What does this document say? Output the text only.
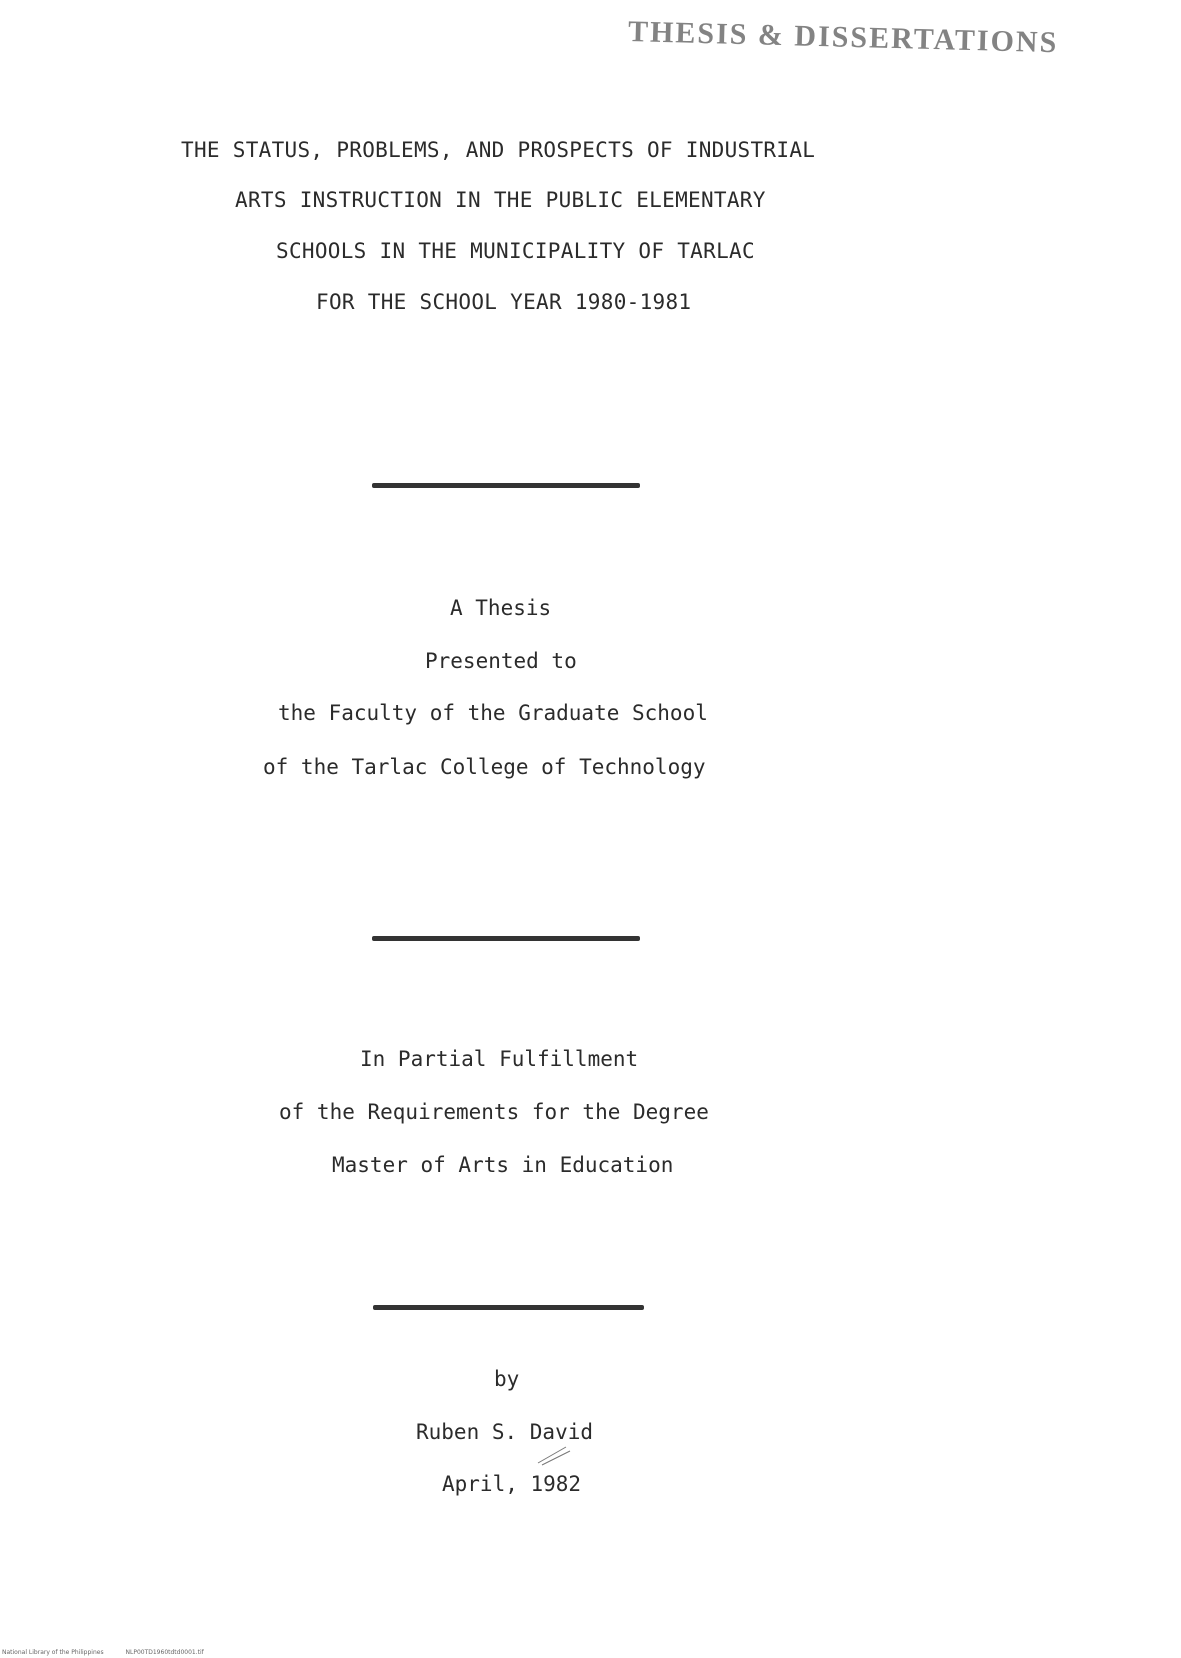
THESIS & DISSERTATIONS
THE STATUS, PROBLEMS, AND PROSPECTS OF INDUSTRIAL
ARTS INSTRUCTION IN THE PUBLIC ELEMENTARY
SCHOOLS IN THE MUNICIPALITY OF TARLAC
FOR THE SCHOOL YEAR 1980-1981
A Thesis
Presented to
the Faculty of the Graduate School
of the Tarlac College of Technology
In Partial Fulfillment
of the Requirements for the Degree
Master of Arts in Education
by
Ruben S. David
April, 1982
National Library of the Philippines	NLP00TD1960tdtd0001.tif
